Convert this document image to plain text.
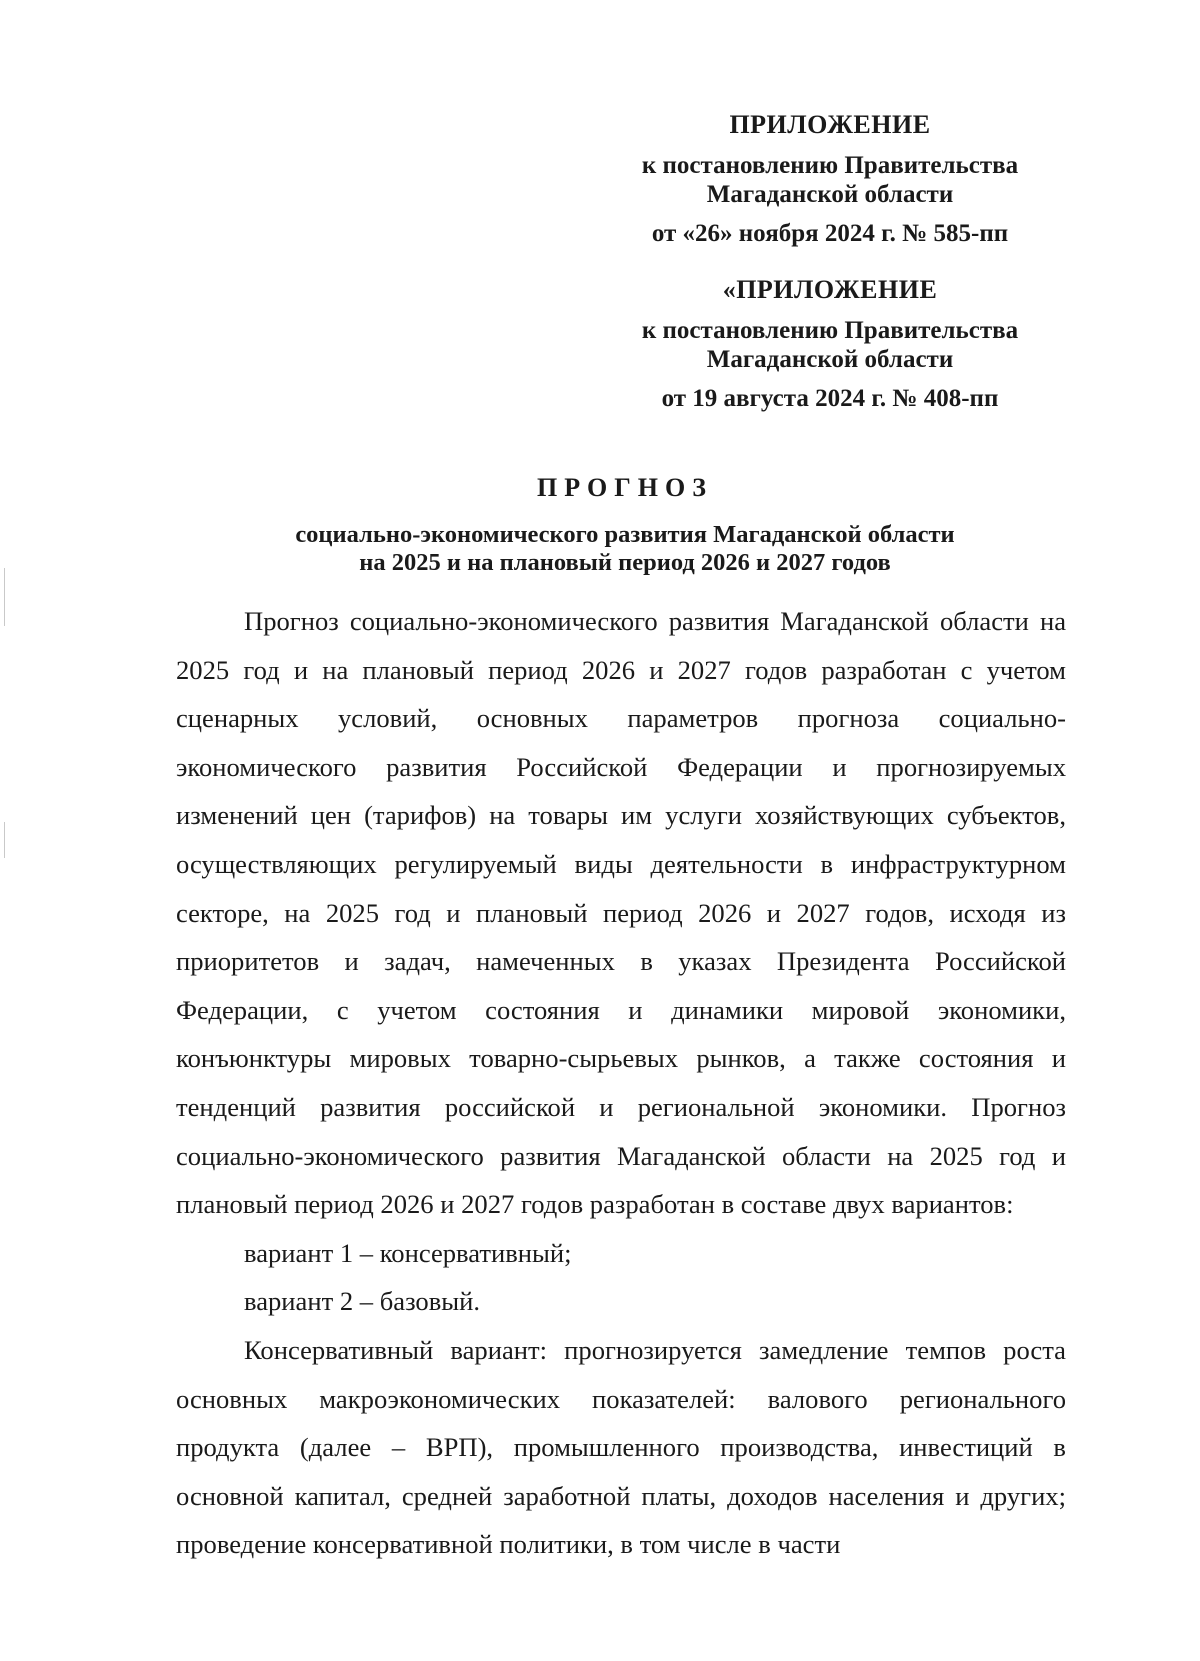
ПРИЛОЖЕНИЕ
к постановлению Правительства
Магаданской области
от «26» ноября 2024 г. № 585-пп
«ПРИЛОЖЕНИЕ
к постановлению Правительства
Магаданской области
от 19 августа 2024 г. № 408-пп
ПРОГНОЗ
социально-экономического развития Магаданской области
на 2025 и на плановый период 2026 и 2027 годов

Прогноз социально-экономического развития Магаданской области на 2025 год и на плановый период 2026 и 2027 годов разработан с учетом сценарных условий, основных параметров прогноза социально-экономического развития Российской Федерации и прогнозируемых изменений цен (тарифов) на товары им услуги хозяйствующих субъектов, осуществляющих регулируемый виды деятельности в инфраструктурном секторе, на 2025 год и плановый период 2026 и 2027 годов, исходя из приоритетов и задач, намеченных в указах Президента Российской Федерации, с учетом состояния и динамики мировой экономики, конъюнктуры мировых товарно-сырьевых рынков, а также состояния и тенденций развития российской и региональной экономики. Прогноз социально-экономического развития Магаданской области на 2025 год и плановый период 2026 и 2027 годов разработан в составе двух вариантов:

вариант 1 – консервативный;

вариант 2 – базовый.

Консервативный вариант: прогнозируется замедление темпов роста основных макроэкономических показателей: валового регионального продукта (далее – ВРП), промышленного производства, инвестиций в основной капитал, средней заработной платы, доходов населения и других; проведение консервативной политики, в том числе в части
